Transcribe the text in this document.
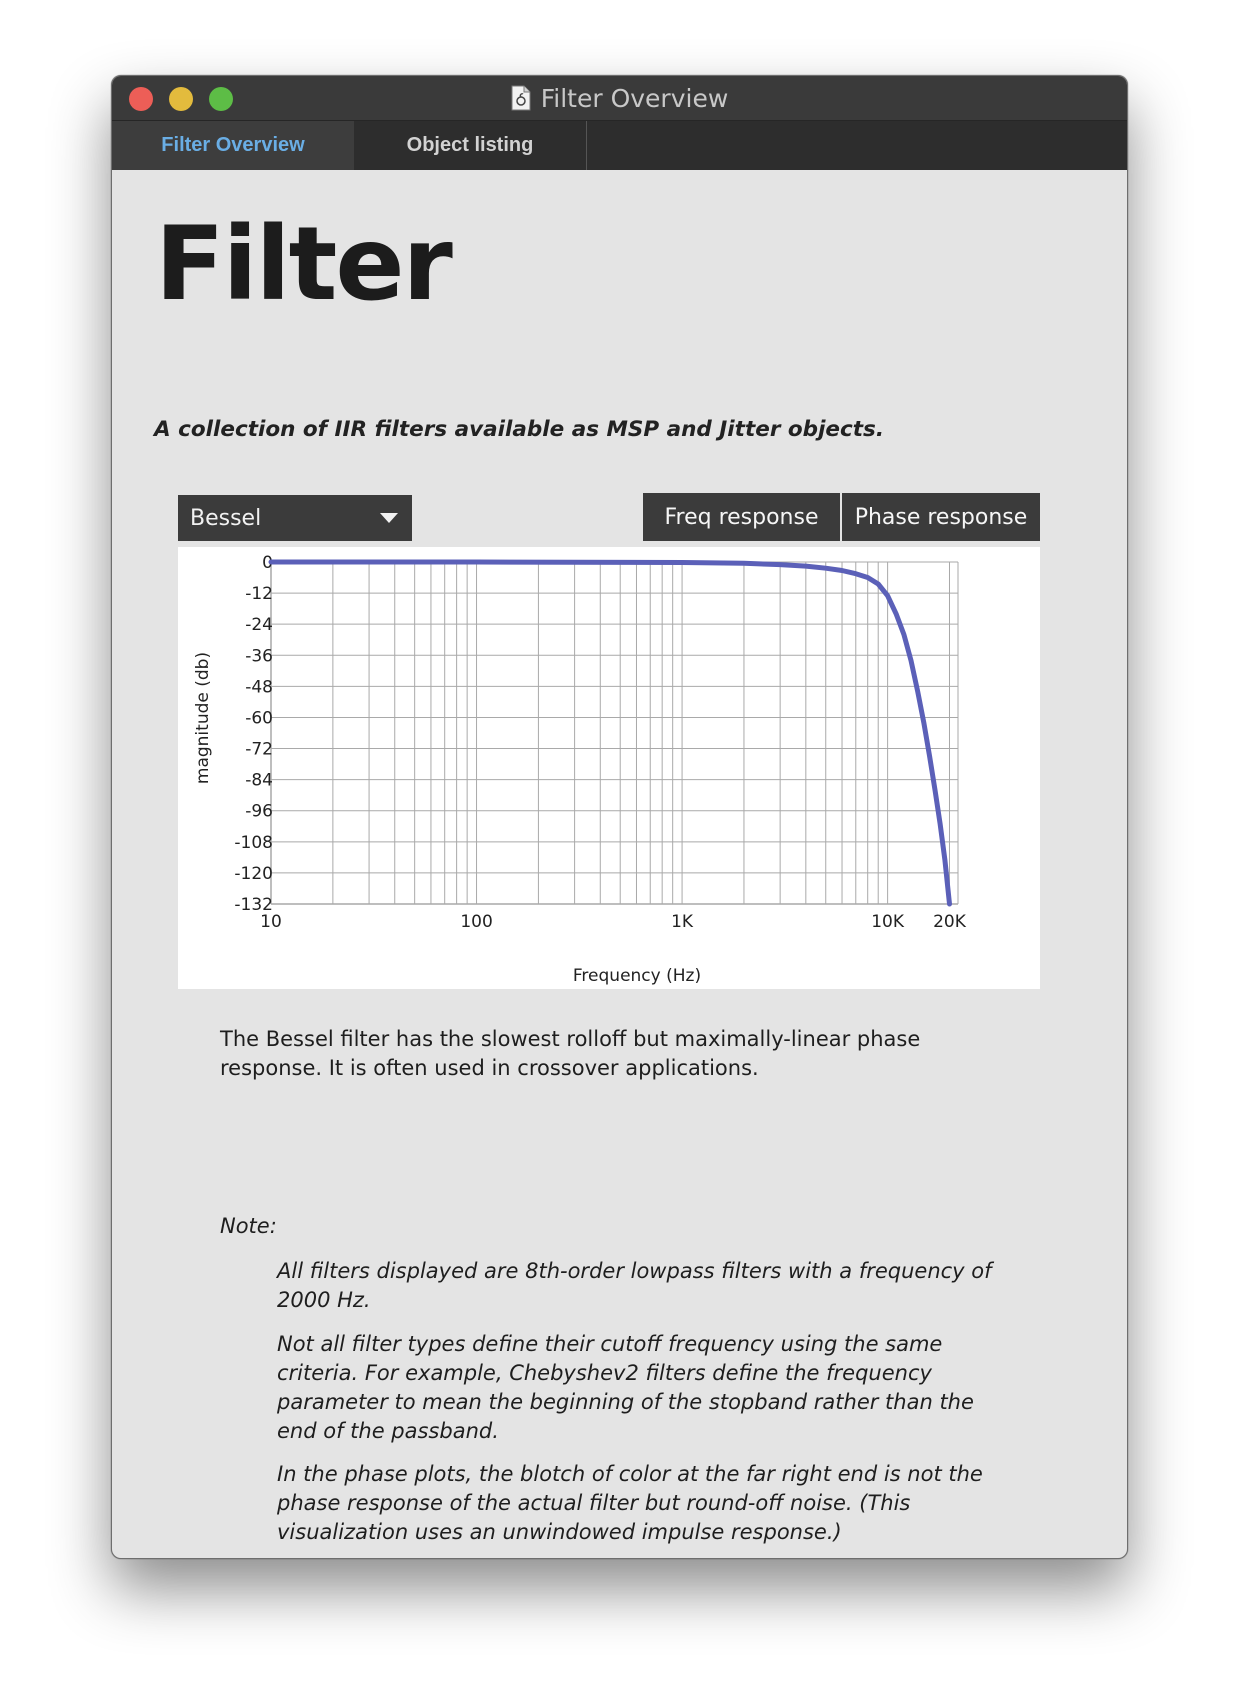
Filter Overview
Filter Overview	Object listing
Filter

A collection of IIR filters available as MSP and Jitter objects.

Bessel	Freq response	Phase response
0
-12
-24
-36
-48
-60
-72
-84
-96
-108
-120
-132
10	100	1K	10K 20K
Frequency (Hz)
magnitude (db)

The Bessel filter has the slowest rolloff but maximally-linear phase response. It is often used in crossover applications.

Note:

All filters displayed are 8th-order lowpass filters with a frequency of 2000 Hz.

Not all filter types define their cutoff frequency using the same criteria. For example, Chebyshev2 filters define the frequency parameter to mean the beginning of the stopband rather than the end of the passband.

In the phase plots, the blotch of color at the far right end is not the phase response of the actual filter but round-off noise. (This visualization uses an unwindowed impulse response.)
